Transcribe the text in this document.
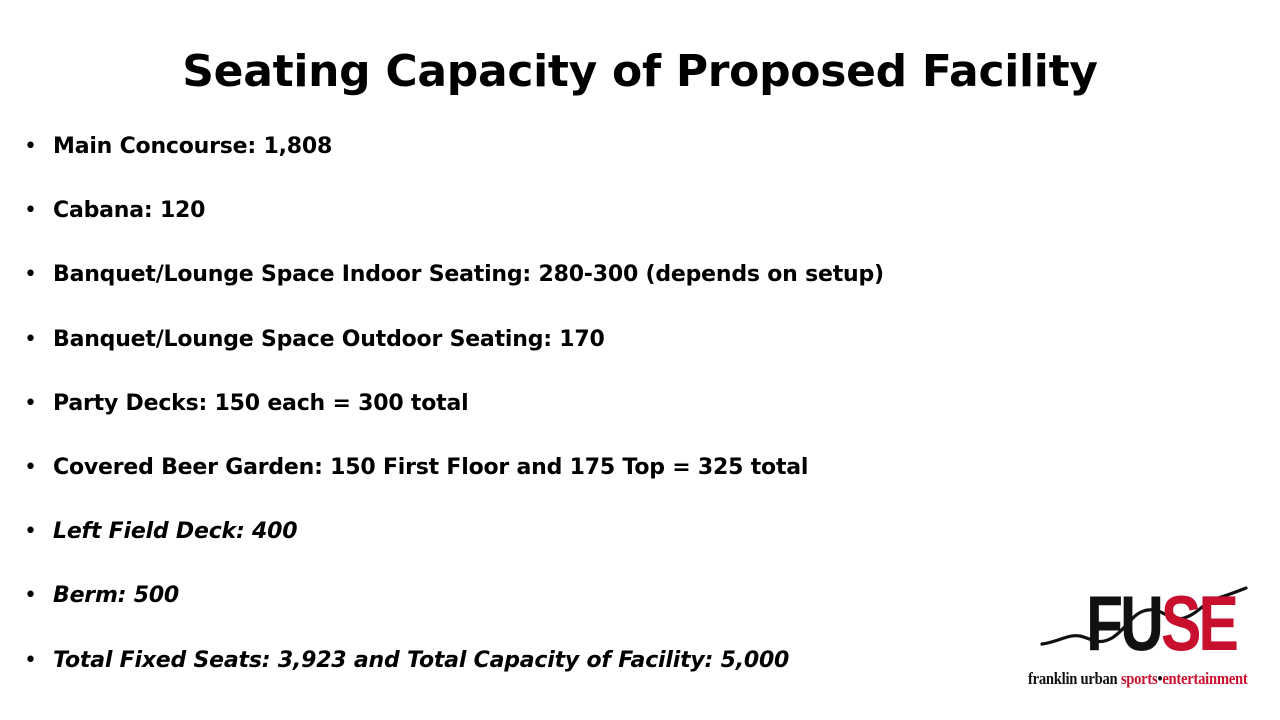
Seating Capacity of Proposed Facility
• Main Concourse: 1,808
• Cabana: 120
• Banquet/Lounge Space Indoor Seating: 280-300 (depends on setup)
• Banquet/Lounge Space Outdoor Seating: 170
• Party Decks: 150 each = 300 total
• Covered Beer Garden: 150 First Floor and 175 Top = 325 total
• Left Field Deck: 400
• Berm: 500
• Total Fixed Seats: 3,923 and Total Capacity of Facility: 5,000	FUSE
franklin urban sports•entertainment
